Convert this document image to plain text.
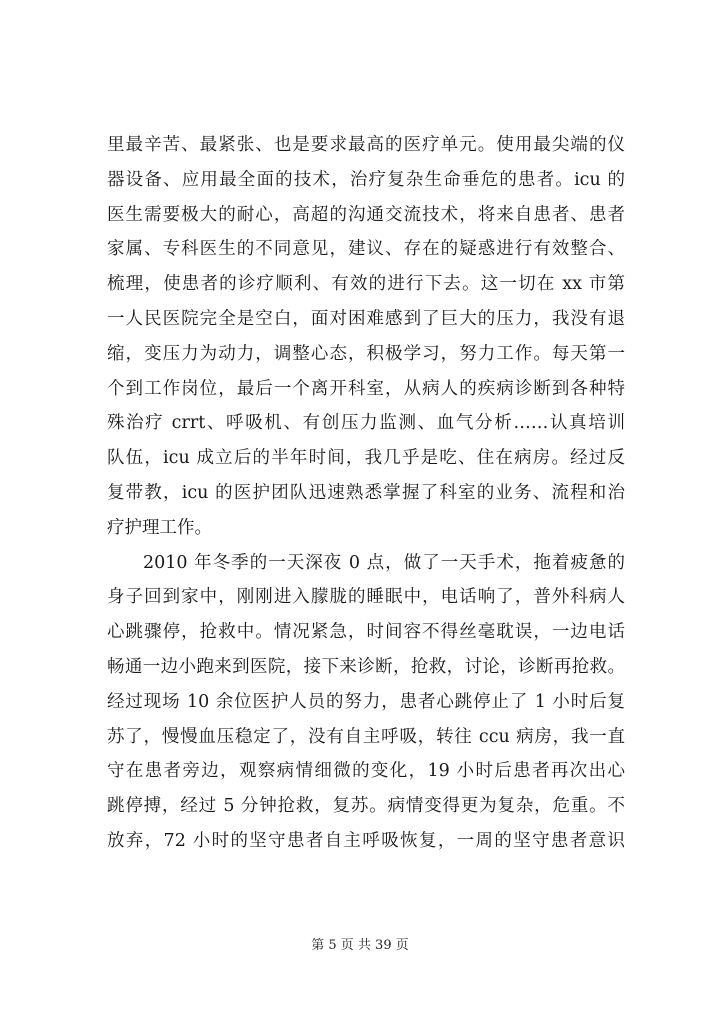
里最辛苦、最紧张、也是要求最高的医疗单元。使用最尖端的仪
器设备、应用最全面的技术，治疗复杂生命垂危的患者。icu 的
医生需要极大的耐心，高超的沟通交流技术，将来自患者、患者
家属、专科医生的不同意见，建议、存在的疑惑进行有效整合、
梳理，使患者的诊疗顺利、有效的进行下去。这一切在 xx 市第
一人民医院完全是空白，面对困难感到了巨大的压力，我没有退
缩，变压力为动力，调整心态，积极学习，努力工作。每天第一
个到工作岗位，最后一个离开科室，从病人的疾病诊断到各种特
殊治疗 crrt、呼吸机、有创压力监测、血气分析……认真培训
队伍，icu 成立后的半年时间，我几乎是吃、住在病房。经过反
复带教，icu 的医护团队迅速熟悉掌握了科室的业务、流程和治
疗护理工作。
2010 年冬季的一天深夜 0 点，做了一天手术，拖着疲惫的
身子回到家中，刚刚进入朦胧的睡眠中，电话响了，普外科病人
心跳骤停，抢救中。情况紧急，时间容不得丝毫耽误，一边电话
畅通一边小跑来到医院，接下来诊断，抢救，讨论，诊断再抢救。
经过现场 10 余位医护人员的努力，患者心跳停止了 1 小时后复
苏了，慢慢血压稳定了，没有自主呼吸，转往 ccu 病房，我一直
守在患者旁边，观察病情细微的变化，19 小时后患者再次出心
跳停搏，经过 5 分钟抢救，复苏。病情变得更为复杂，危重。不
放弃，72 小时的坚守患者自主呼吸恢复，一周的坚守患者意识
第 5 页 共 39 页
